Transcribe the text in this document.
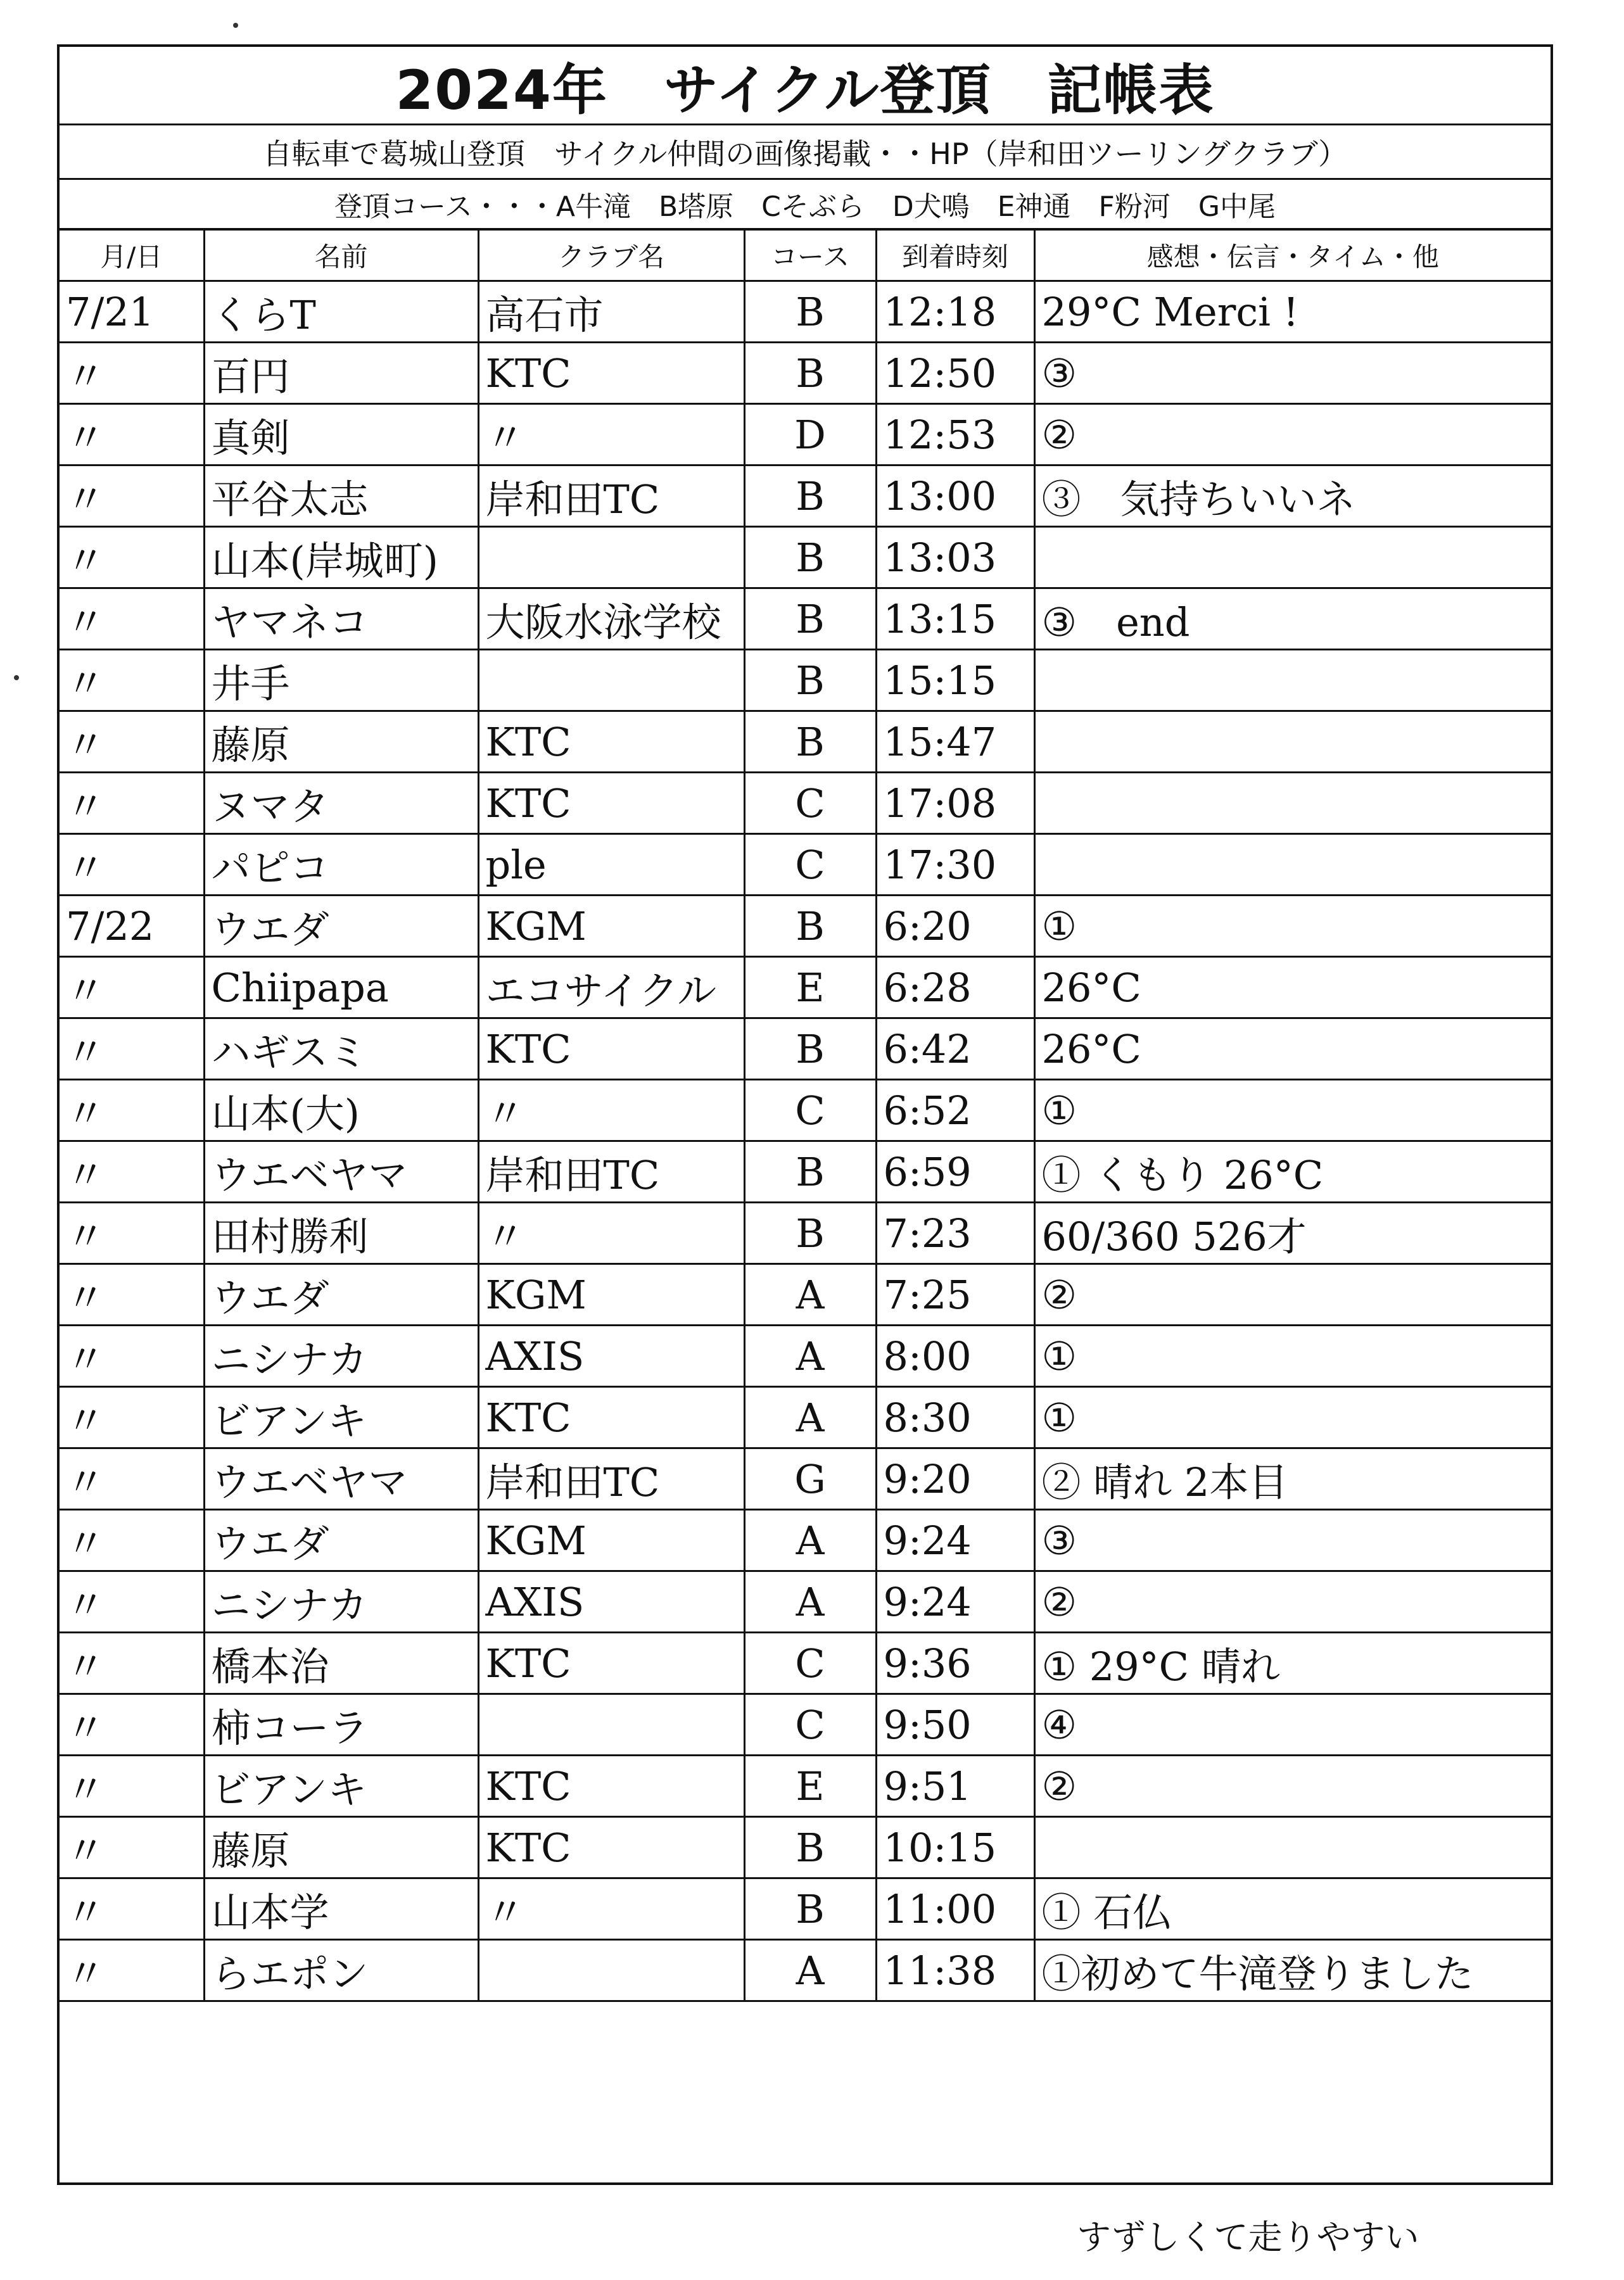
2024年　サイクル登頂　記帳表
自転車で葛城山登頂　サイクル仲間の画像掲載・・HP（岸和田ツーリングクラブ）
登頂コース・・・A牛滝　B塔原　Cそぶら　D犬鳴　E神通　F粉河　G中尾
月/日	名前	クラブ名	コース	到着時刻	感想・伝言・タイム・他
7/21	くらT	高石市	B	12:18	29°C Merci !
〃	百円	KTC	B	12:50	③
〃	真剣	〃	D	12:53	②
〃	平谷太志	岸和田TC	B	13:00	③　気持ちいいネ
〃	山本(岸城町)		B	13:03	
〃	ヤマネコ	大阪水泳学校	B	13:15	③　end
〃	井手		B	15:15	
〃	藤原	KTC	B	15:47	
〃	ヌマタ	KTC	C	17:08	
〃	パピコ	ple	C	17:30	
7/22	ウエダ	KGM	B	6:20	①
〃	Chiipapa	エコサイクル	E	6:28	26°C
〃	ハギスミ	KTC	B	6:42	26°C
〃	山本(大)	〃	C	6:52	①
〃	ウエベヤマ	岸和田TC	B	6:59	① くもり 26°C
〃	田村勝利	〃	B	7:23	60/360 526才
〃	ウエダ	KGM	A	7:25	②
〃	ニシナカ	AXIS	A	8:00	①
〃	ビアンキ	KTC	A	8:30	①
〃	ウエベヤマ	岸和田TC	G	9:20	② 晴れ 2本目
〃	ウエダ	KGM	A	9:24	③
〃	ニシナカ	AXIS	A	9:24	②
〃	橋本治	KTC	C	9:36	① 29°C 晴れ
〃	柿コーラ		C	9:50	④
〃	ビアンキ	KTC	E	9:51	②
〃	藤原	KTC	B	10:15	
〃	山本学	〃	B	11:00	① 石仏
〃	らエポン		A	11:38	①初めて牛滝登りました
すずしくて走りやすい
